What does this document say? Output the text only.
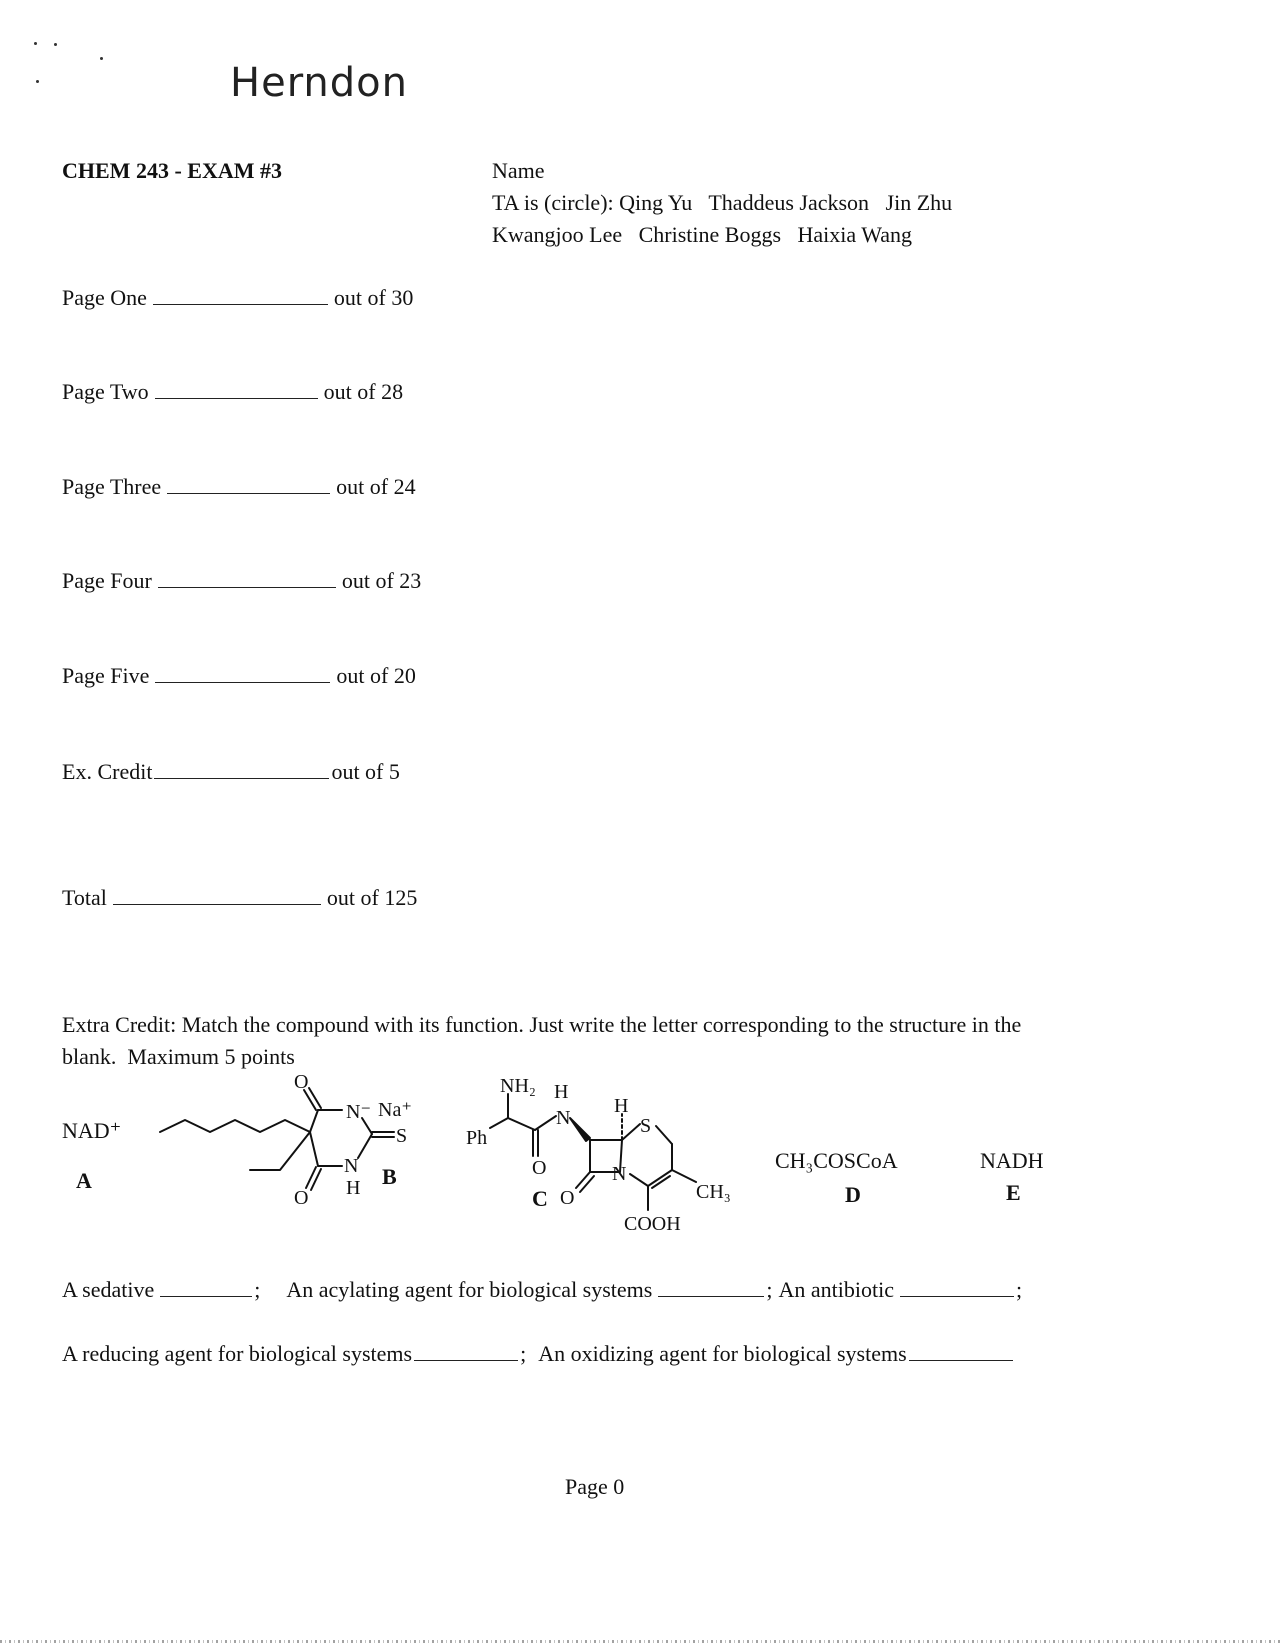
Herndon
CHEM 243 - EXAM #3	Name
TA is (circle): Qing Yu   Thaddeus Jackson   Jin Zhu
Kwangjoo Lee   Christine Boggs   Haixia Wang
Page One	out of 30
Page Two	out of 28
Page Three	out of 24
Page Four	out of 23
Page Five	out of 20
Ex. Credit	out of 5
Total	out of 125
Extra Credit: Match the compound with its function. Just write the letter corresponding to the structure in the
blank.  Maximum 5 points
NAD⁺
A
O
N⁻ Na⁺
S
N
H
O
B
NH₂ H
N
H
S
Ph
O
O
N
CH₃
COOH
C
CH₃COSCoA
D
NADH
E
A sedative	; An acylating agent for biological systems	; An antibiotic	;
A reducing agent for biological systems	; An oxidizing agent for biological systems
Page 0
